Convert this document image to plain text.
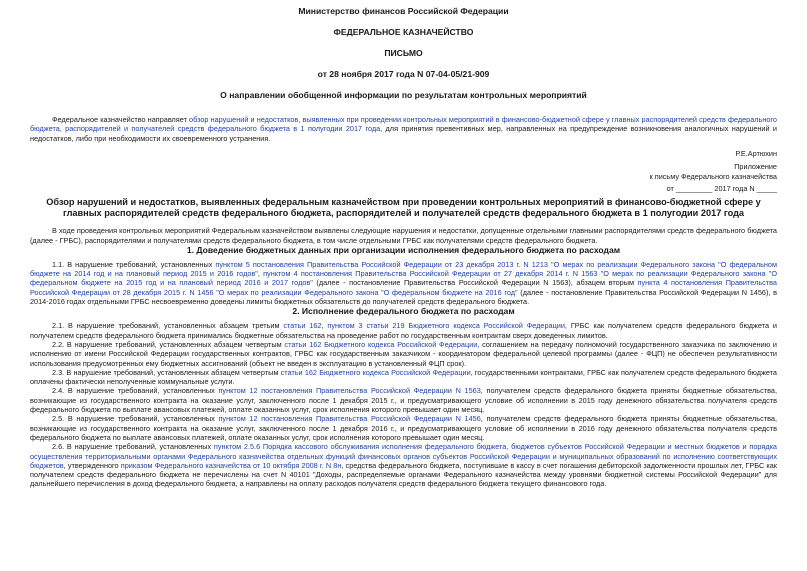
Министерство финансов Российской Федерации
ФЕДЕРАЛЬНОЕ КАЗНАЧЕЙСТВО
ПИСЬМО
от 28 ноября 2017 года N 07-04-05/21-909
О направлении обобщенной информации по результатам контрольных мероприятий

Федеральное казначейство направляет обзор нарушений и недостатков, выявленных при проведении контрольных мероприятий в финансово-бюджетной сфере у главных распорядителей средств федерального бюджета, распорядителей и получателей средств федерального бюджета в 1 полугодии 2017 года, для принятия превентивных мер, направленных на предупреждение возникновения аналогичных нарушений и недостатков, либо при необходимости их своевременного устранения.

Р.Е.Артюхин
Приложение
к письму Федерального казначейства
от _________ 2017 года N _____
Обзор нарушений и недостатков, выявленных федеральным казначейством при проведении контрольных мероприятий в финансово-бюджетной сфере у главных распорядителей средств федерального бюджета, распорядителей и получателей средств федерального бюджета в 1 полугодии 2017 года

В ходе проведения контрольных мероприятий Федеральным казначейством выявлены следующие нарушения и недостатки, допущенные отдельными главными распорядителями средств федерального бюджета (далее - ГРБС), распорядителями и получателями средств федерального бюджета, в том числе отдельными ГРБС как получателями средств федерального бюджета.

1. Доведение бюджетных данных при организации исполнения федерального бюджета по расходам

1.1. В нарушение требований, установленных пунктом 5 постановления Правительства Российской Федерации от 23 декабря 2013 г. N 1213 "О мерах по реализации Федерального закона "О федеральном бюджете на 2014 год и на плановый период 2015 и 2016 годов", пунктом 4 постановления Правительства Российской Федерации от 27 декабря 2014 г. N 1563 "О мерах по реализации Федерального закона "О федеральном бюджете на 2015 год и на плановый период 2016 и 2017 годов" (далее - постановление Правительства Российской Федерации N 1563), абзацем вторым пункта 4 постановления Правительства Российской Федерации от 28 декабря 2015 г. N 1456 "О мерах по реализации Федерального закона "О федеральном бюджете на 2016 год" (далее - постановление Правительства Российской Федерации N 1456), в 2014-2016 годах отдельными ГРБС несвоевременно доведены лимиты бюджетных обязательств до получателей средств федерального бюджета.

2. Исполнение федерального бюджета по расходам

2.1. В нарушение требований, установленных абзацем третьим статьи 162, пунктом 3 статьи 219 Бюджетного кодекса Российской Федерации, ГРБС как получателем средств федерального бюджета и получателем средств федерального бюджета принимались бюджетные обязательства на проведение работ по государственным контрактам сверх доведенных лимитов.

2.2. В нарушение требований, установленных абзацем четвертым статьи 162 Бюджетного кодекса Российской Федерации, соглашением на передачу полномочий государственного заказчика по заключению и исполнению от имени Российской Федерации государственных контрактов, ГРБС как государственным заказчиком - координатором федеральной целевой программы (далее - ФЦП) не обеспечен результативности использования предусмотренных ему бюджетных ассигнований (объект не введен в эксплуатацию в установленный ФЦП срок).

2.3. В нарушение требований, установленных абзацем четвертым статьи 162 Бюджетного кодекса Российской Федерации, государственными контрактами, ГРБС как получателем средств федерального бюджета оплачены фактически неполученные коммунальные услуги.

2.4. В нарушение требований, установленных пунктом 12 постановления Правительства Российской Федерации N 1563, получателем средств федерального бюджета приняты бюджетные обязательства, возникающие из государственного контракта на оказание услуг, заключенного после 1 декабря 2015 г., и предусматривающего условие об исполнении в 2015 году денежного обязательства получателя средств федерального бюджета по выплате авансовых платежей, оплате оказанных услуг, срок исполнения которого превышает один месяц.

2.5. В нарушение требований, установленных пунктом 12 постановления Правительства Российской Федерации N 1456, получателем средств федерального бюджета приняты бюджетные обязательства, возникающие из государственного контракта на оказание услуг, заключенного после 1 декабря 2016 г., и предусматривающего условие об исполнении в 2016 году денежного обязательства получателя средств федерального бюджета по выплате авансовых платежей, оплате оказанных услуг, срок исполнения которого превышает один месяц.

2.6. В нарушение требований, установленных пунктом 2.5.6 Порядка кассового обслуживания исполнения федерального бюджета, бюджетов субъектов Российской Федерации и местных бюджетов и порядка осуществления территориальными органами Федерального казначейства отдельных функций финансовых органов субъектов Российской Федерации и муниципальных образований по исполнению соответствующих бюджетов, утвержденного приказом Федерального казначейства от 10 октября 2008 г. N 8н, средства федерального бюджета, поступившие в кассу в счет погашения дебиторской задолженности прошлых лет, ГРБС как получателем средств федерального бюджета не перечислены на счет N 40101 "Доходы, распределяемые органами Федерального казначейства между уровнями бюджетной системы Российской Федерации" для дальнейшего перечисления в доход федерального бюджета, а направлены на оплату расходов получателя средств федерального бюджета текущего финансового года.
